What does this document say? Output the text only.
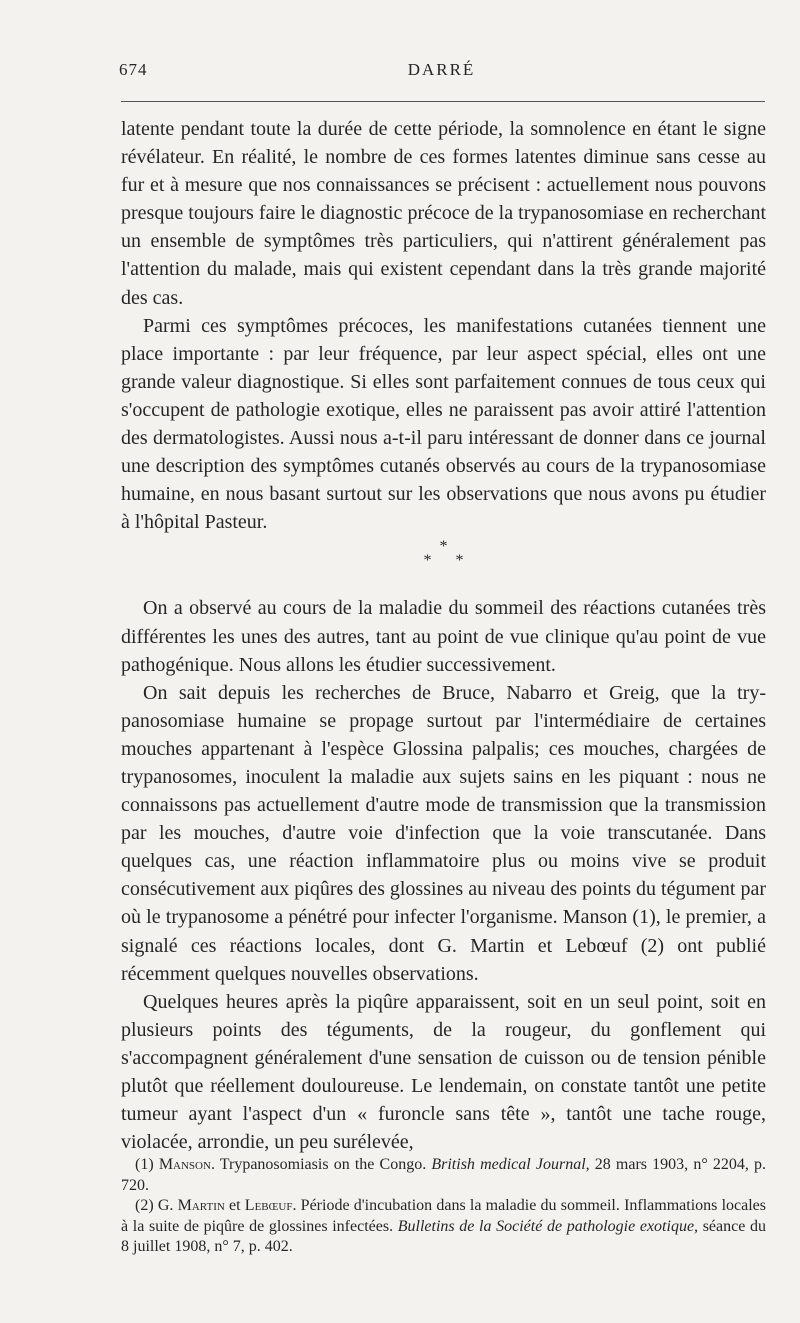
674	DARRÉ

latente pendant toute la durée de cette période, la somnolence en étant le signe révélateur. En réalité, le nombre de ces formes latentes diminue sans cesse au fur et à mesure que nos connaissances se précisent : actuellement nous pouvons presque toujours faire le diagnostic précoce de la trypanosomiase en recherchant un ensemble de symptômes très particuliers, qui n'attirent généralement pas l'attention du malade, mais qui existent cependant dans la très grande majorité des cas.

Parmi ces symptômes précoces, les manifestations cutanées tiennent une place importante : par leur fréquence, par leur aspect spécial, elles ont une grande valeur diagnostique. Si elles sont parfaitement connues de tous ceux qui s'occupent de pathologie exotique, elles ne paraissent pas avoir attiré l'attention des dermatologistes. Aussi nous a-t-il paru intéressant de donner dans ce journal une description des symptômes cutanés observés au cours de la trypanosomiase humaine, en nous basant surtout sur les observations que nous avons pu étudier à l'hôpital Pasteur.

*
* *

On a observé au cours de la maladie du sommeil des réactions cutanées très différentes les unes des autres, tant au point de vue clinique qu'au point de vue pathogénique. Nous allons les étudier successivement.

On sait depuis les recherches de Bruce, Nabarro et Greig, que la trypanosomiase humaine se propage surtout par l'intermédiaire de certaines mouches appartenant à l'espèce Glossina palpalis; ces mouches, chargées de trypanosomes, inoculent la maladie aux sujets sains en les piquant : nous ne connaissons pas actuellement d'autre mode de transmission que la transmission par les mouches, d'autre voie d'infection que la voie transcutanée. Dans quelques cas, une réaction inflammatoire plus ou moins vive se produit consécutivement aux piqûres des glossines au niveau des points du tégument par où le trypanosome a pénétré pour infecter l'organisme. Manson (1), le premier, a signalé ces réactions locales, dont G. Martin et Lebœuf (2) ont publié récemment quelques nouvelles observations.

Quelques heures après la piqûre apparaissent, soit en un seul point, soit en plusieurs points des téguments, de la rougeur, du gonflement qui s'accompagnent généralement d'une sensation de cuisson ou de tension pénible plutôt que réellement douloureuse. Le lendemain, on constate tantôt une petite tumeur ayant l'aspect d'un « furoncle sans tête », tantôt une tache rouge, violacée, arrondie, un peu surélevée,

(1) Manson. Trypanosomiasis on the Congo. British medical Journal, 28 mars 1903, n° 2204, p. 720.

(2) G. Martin et Lebœuf. Période d'incubation dans la maladie du sommeil. Inflammations locales à la suite de piqûre de glossines infectées. Bulletins de la Société de pathologie exotique, séance du 8 juillet 1908, n° 7, p. 402.
